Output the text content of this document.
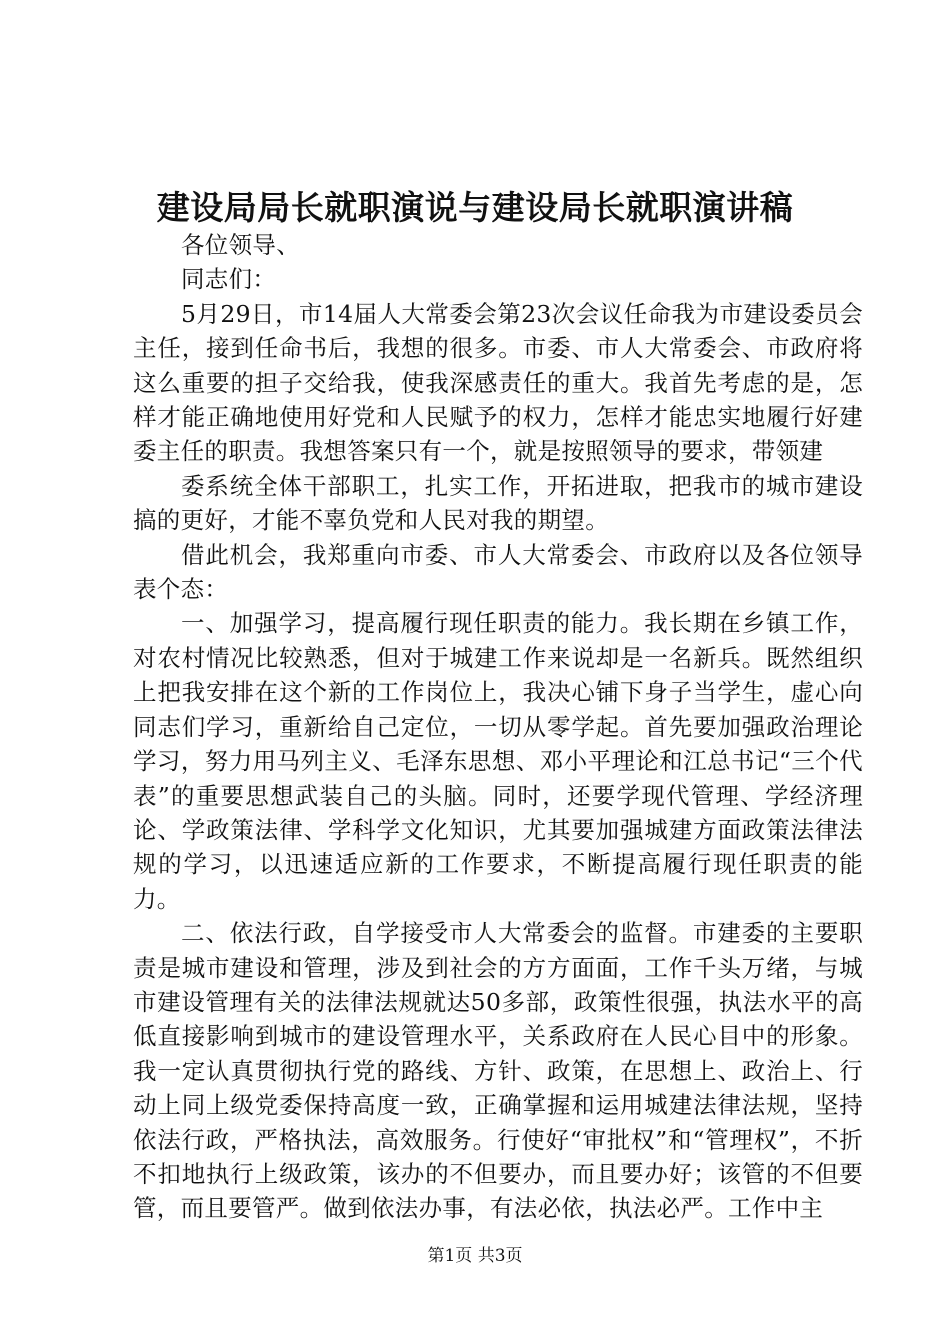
建设局局长就职演说与建设局长就职演讲稿

各位领导、

同志们：

5月29日，市14届人大常委会第23次会议任命我为市建设委员会主任，接到任命书后，我想的很多。市委、市人大常委会、市政府将这么重要的担子交给我，使我深感责任的重大。我首先考虑的是，怎样才能正确地使用好党和人民赋予的权力，怎样才能忠实地履行好建委主任的职责。我想答案只有一个，就是按照领导的要求，带领建

委系统全体干部职工，扎实工作，开拓进取，把我市的城市建设搞的更好，才能不辜负党和人民对我的期望。

借此机会，我郑重向市委、市人大常委会、市政府以及各位领导表个态：

一、加强学习，提高履行现任职责的能力。我长期在乡镇工作，对农村情况比较熟悉，但对于城建工作来说却是一名新兵。既然组织上把我安排在这个新的工作岗位上，我决心铺下身子当学生，虚心向同志们学习，重新给自己定位，一切从零学起。首先要加强政治理论学习，努力用马列主义、毛泽东思想、邓小平理论和江总书记“三个代表”的重要思想武装自己的头脑。同时，还要学现代管理、学经济理论、学政策法律、学科学文化知识，尤其要加强城建方面政策法律法规的学习，以迅速适应新的工作要求，不断提高履行现任职责的能力。

二、依法行政，自学接受市人大常委会的监督。市建委的主要职责是城市建设和管理，涉及到社会的方方面面，工作千头万绪，与城市建设管理有关的法律法规就达50多部，政策性很强，执法水平的高低直接影响到城市的建设管理水平，关系政府在人民心目中的形象。我一定认真贯彻执行党的路线、方针、政策，在思想上、政治上、行动上同上级党委保持高度一致，正确掌握和运用城建法律法规，坚持依法行政，严格执法，高效服务。行使好“审批权”和“管理权”，不折不扣地执行上级政策，该办的不但要办，而且要办好；该管的不但要管，而且要管严。做到依法办事，有法必依，执法必严。工作中主

第1页 共3页
